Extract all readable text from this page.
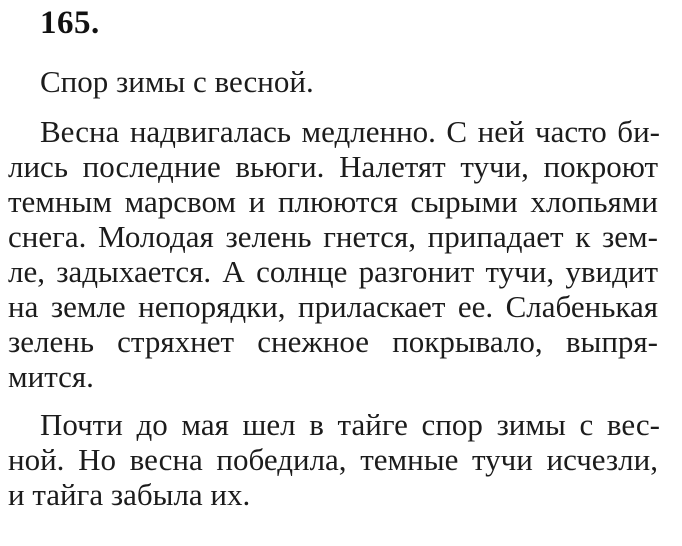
165.
Спор зимы с весной.
Весна надвигалась медленно. С ней часто би-
лись последние вьюги. Налетят тучи, покроют
темным марсвом и плюются сырыми хлопьями
снега. Молодая зелень гнется, припадает к зем-
ле, задыхается. А солнце разгонит тучи, увидит
на земле непорядки, приласкает ее. Слабенькая
зелень стряхнет снежное покрывало, выпря-
мится.
Почти до мая шел в тайге спор зимы с вес-
ной. Но весна победила, темные тучи исчезли,
и тайга забыла их.
